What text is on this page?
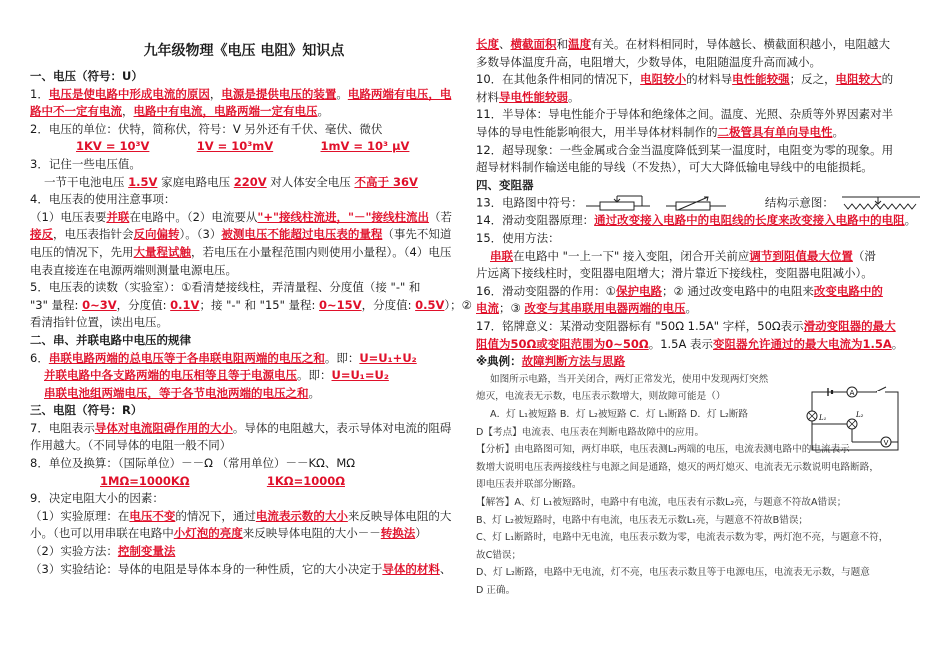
九年级物理《电压 电阻》知识点
一、电压（符号：U）
1．电压是使电路中形成电流的原因，电源是提供电压的装置。电路两端有电压，电
路中不一定有电流，电路中有电流，电路两端一定有电压。
2．电压的单位：伏特，简称伏，符号：V 另外还有千伏、毫伏、微伏
1KV = 10³V	1V = 10³mV	1mV = 10³ μV
3．记住一些电压值。
一节干电池电压 1.5V 家庭电路电压 220V 对人体安全电压 不高于 36V
4．电压表的使用注意事项：
（1）电压表要并联在电路中。（2）电流要从"+"接线柱流进，"－"接线柱流出（若
接反，电压表指针会反向偏转）。（3）被测电压不能超过电压表的量程（事先不知道
电压的情况下，先用大量程试触，若电压在小量程范围内则使用小量程）。（4）电压
电表直接连在电源两端则测量电源电压。
5．电压表的读数（实验室）：①看清楚接线柱，弄清量程、分度值（接 "-" 和
"3" 量程: 0~3V，分度值: 0.1V；接 "-" 和 "15" 量程: 0~15V，分度值: 0.5V）；②
看清指针位置，读出电压。
二、串、并联电路中电压的规律
6．串联电路两端的总电压等于各串联电阻两端的电压之和。即：U=U₁+U₂
并联电路中各支路两端的电压相等且等于电源电压。即：U=U₁=U₂
串联电池组两端电压，等于各节电池两端的电压之和。
三、电阻（符号：R）
7．电阻表示导体对电流阻碍作用的大小。导体的电阻越大，表示导体对电流的阻碍
作用越大。（不同导体的电阻一般不同）
8．单位及换算：（国际单位）－－Ω （常用单位）－－KΩ、MΩ
1MΩ=1000KΩ	1KΩ=1000Ω
9．决定电阻大小的因素：
（1）实验原理：在电压不变的情况下，通过电流表示数的大小来反映导体电阻的大
小。（也可以用串联在电路中小灯泡的亮度来反映导体电阻的大小－－转换法）
（2）实验方法：控制变量法
（3）实验结论：导体的电阻是导体本身的一种性质，它的大小决定于导体的材料、
长度、横截面积和温度有关。在材料相同时，导体越长、横截面积越小，电阻越大
多数导体温度升高，电阻增大，少数导体，电阻随温度升高而减小。
10．在其他条件相同的情况下，电阻较小的材料导电性能较强；反之，电阻较大的
材料导电性能较弱。
11．半导体：导电性能介于导体和绝缘体之间。温度、光照、杂质等外界因素对半
导体的导电性能影响很大，用半导体材料制作的二极管具有单向导电性。
12．超导现象：一些金属或合金当温度降低到某一温度时，电阻变为零的现象。用
超导材料制作输送电能的导线（不发热），可大大降低输电导线中的电能损耗。
四、变阻器
13．电路图中符号：	结构示意图：
14．滑动变阻器原理：通过改变接入电路中的电阻线的长度来改变接入电路中的电阻。
15．使用方法：
串联在电路中 "一上一下" 接入变阻，闭合开关前应调节到阻值最大位置（滑
片远离下接线柱时，变阻器电阻增大；滑片靠近下接线柱，变阻器电阻减小）。
16．滑动变阻器的作用：①保护电路；② 通过改变电路中的电阻来改变电路中的
电流；③ 改变与其串联用电器两端的电压。
17．铭牌意义：某滑动变阻器标有 "50Ω 1.5A" 字样，50Ω表示滑动变阻器的最大
阻值为50Ω或变阻范围为0~50Ω。1.5A 表示变阻器允许通过的最大电流为1.5A。
※典例：故障判断方法与思路
如图所示电路，当开关闭合，两灯正常发光，使用中发现两灯突然
熄灭，电流表无示数，电压表示数增大，则故障可能是（）
A．灯 L₁被短路 B．灯 L₂被短路 C．灯 L₁断路 D．灯 L₂断路
D【考点】电流表、电压表在判断电路故障中的应用。
【分析】由电路图可知，两灯串联，电压表测L₂两端的电压，电流表测电路中的电流表示
数增大说明电压表两接线柱与电源之间是通路，熄灭的两灯熄灭、电流表无示数说明电路断路，
即电压表并联部分断路。
【解答】A、灯 L₁被短路时，电路中有电流，电压表有示数L₂亮，与题意不符故A错误；
B、灯 L₂被短路时，电路中有电流，电压表无示数L₁亮，与题意不符故B错误；
C、灯 L₁断路时，电路中无电流，电压表示数为零，电流表示数为零，两灯泡不亮，与题意不符，
故C错误；
D、灯 L₂断路，电路中无电流，灯不亮，电压表示数且等于电源电压，电流表无示数，与题意
D 正确。
A
L₁	L₂
V
